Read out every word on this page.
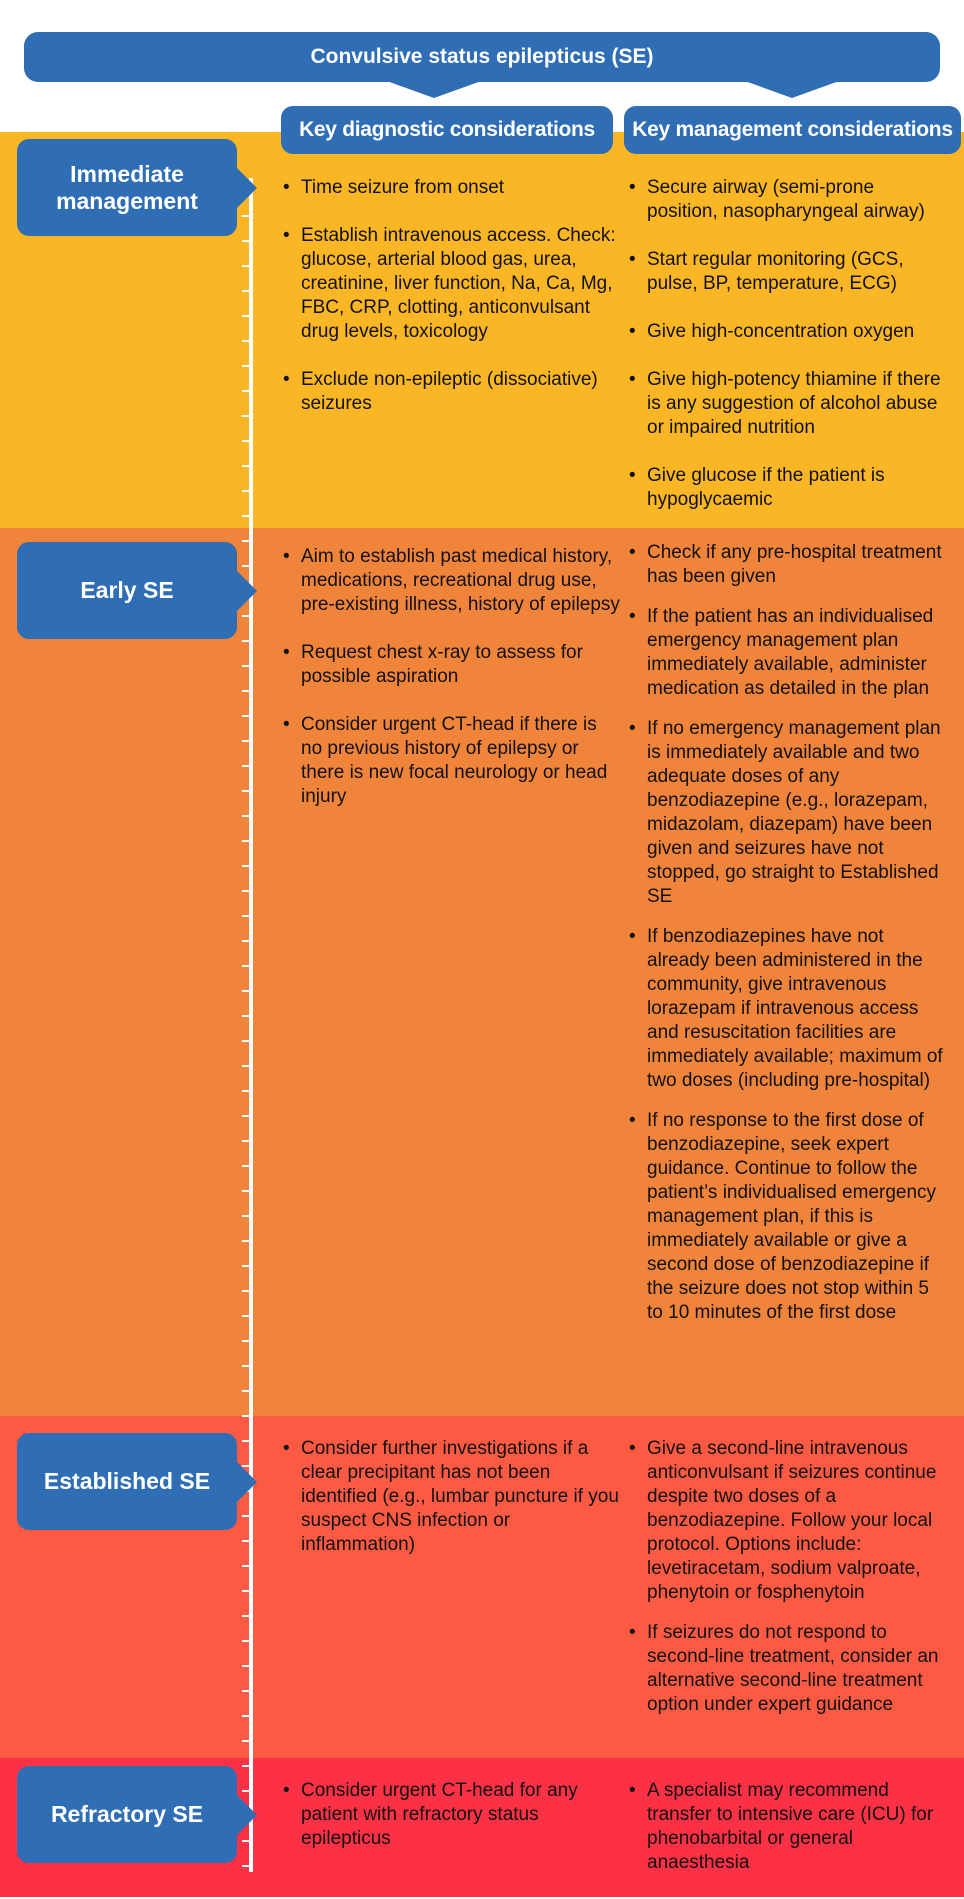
Convulsive status epilepticus (SE)
Key diagnostic considerations	Key management considerations
Immediate management
Early SE
Established SE
Refractory SE
• Time seizure from onset
• Establish intravenous access. Check: glucose, arterial blood gas, urea, creatinine, liver function, Na, Ca, Mg, FBC, CRP, clotting, anticonvulsant drug levels, toxicology
• Exclude non-epileptic (dissociative) seizures
• Secure airway (semi-prone position, nasopharyngeal airway)
• Start regular monitoring (GCS, pulse, BP, temperature, ECG)
• Give high-concentration oxygen
• Give high-potency thiamine if there is any suggestion of alcohol abuse or impaired nutrition
• Give glucose if the patient is hypoglycaemic
• Aim to establish past medical history, medications, recreational drug use, pre-existing illness, history of epilepsy
• Request chest x-ray to assess for possible aspiration
• Consider urgent CT-head if there is no previous history of epilepsy or there is new focal neurology or head injury
• Check if any pre-hospital treatment has been given
• If the patient has an individualised emergency management plan immediately available, administer medication as detailed in the plan
• If no emergency management plan is immediately available and two adequate doses of any benzodiazepine (e.g., lorazepam, midazolam, diazepam) have been given and seizures have not stopped, go straight to Established SE
• If benzodiazepines have not already been administered in the community, give intravenous lorazepam if intravenous access and resuscitation facilities are immediately available; maximum of two doses (including pre-hospital)
• If no response to the first dose of benzodiazepine, seek expert guidance. Continue to follow the patient’s individualised emergency management plan, if this is immediately available or give a second dose of benzodiazepine if the seizure does not stop within 5 to 10 minutes of the first dose
• Consider further investigations if a clear precipitant has not been identified (e.g., lumbar puncture if you suspect CNS infection or inflammation)
• Give a second-line intravenous anticonvulsant if seizures continue despite two doses of a benzodiazepine. Follow your local protocol. Options include: levetiracetam, sodium valproate, phenytoin or fosphenytoin
• If seizures do not respond to second-line treatment, consider an alternative second-line treatment option under expert guidance
• Consider urgent CT-head for any patient with refractory status epilepticus
• A specialist may recommend transfer to intensive care (ICU) for phenobarbital or general anaesthesia
